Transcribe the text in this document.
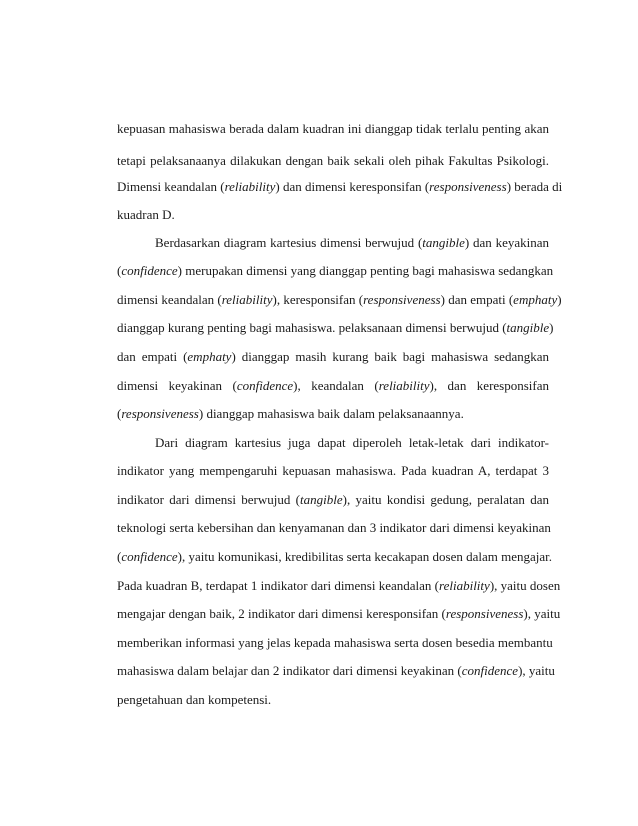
kepuasan mahasiswa berada dalam kuadran ini dianggap tidak terlalu penting akan
tetapi pelaksanaanya dilakukan dengan baik sekali oleh pihak Fakultas Psikologi.
Dimensi keandalan (reliability) dan dimensi keresponsifan (responsiveness) berada di
kuadran D.
Berdasarkan diagram kartesius dimensi berwujud (tangible) dan keyakinan
(confidence) merupakan dimensi yang dianggap penting bagi mahasiswa sedangkan
dimensi keandalan (reliability), keresponsifan (responsiveness) dan empati (emphaty)
dianggap kurang penting bagi mahasiswa. pelaksanaan dimensi berwujud (tangible)
dan empati (emphaty) dianggap masih kurang baik bagi mahasiswa sedangkan
dimensi keyakinan (confidence), keandalan (reliability), dan keresponsifan
(responsiveness) dianggap mahasiswa baik dalam pelaksanaannya.
Dari diagram kartesius juga dapat diperoleh letak-letak dari indikator-
indikator yang mempengaruhi kepuasan mahasiswa. Pada kuadran A, terdapat 3
indikator dari dimensi berwujud (tangible), yaitu kondisi gedung, peralatan dan
teknologi serta kebersihan dan kenyamanan dan 3 indikator dari dimensi keyakinan
(confidence), yaitu komunikasi, kredibilitas serta kecakapan dosen dalam mengajar.
Pada kuadran B, terdapat 1 indikator dari dimensi keandalan (reliability), yaitu dosen
mengajar dengan baik, 2 indikator dari dimensi keresponsifan (responsiveness), yaitu
memberikan informasi yang jelas kepada mahasiswa serta dosen besedia membantu
mahasiswa dalam belajar dan 2 indikator dari dimensi keyakinan (confidence), yaitu
pengetahuan dan kompetensi.
